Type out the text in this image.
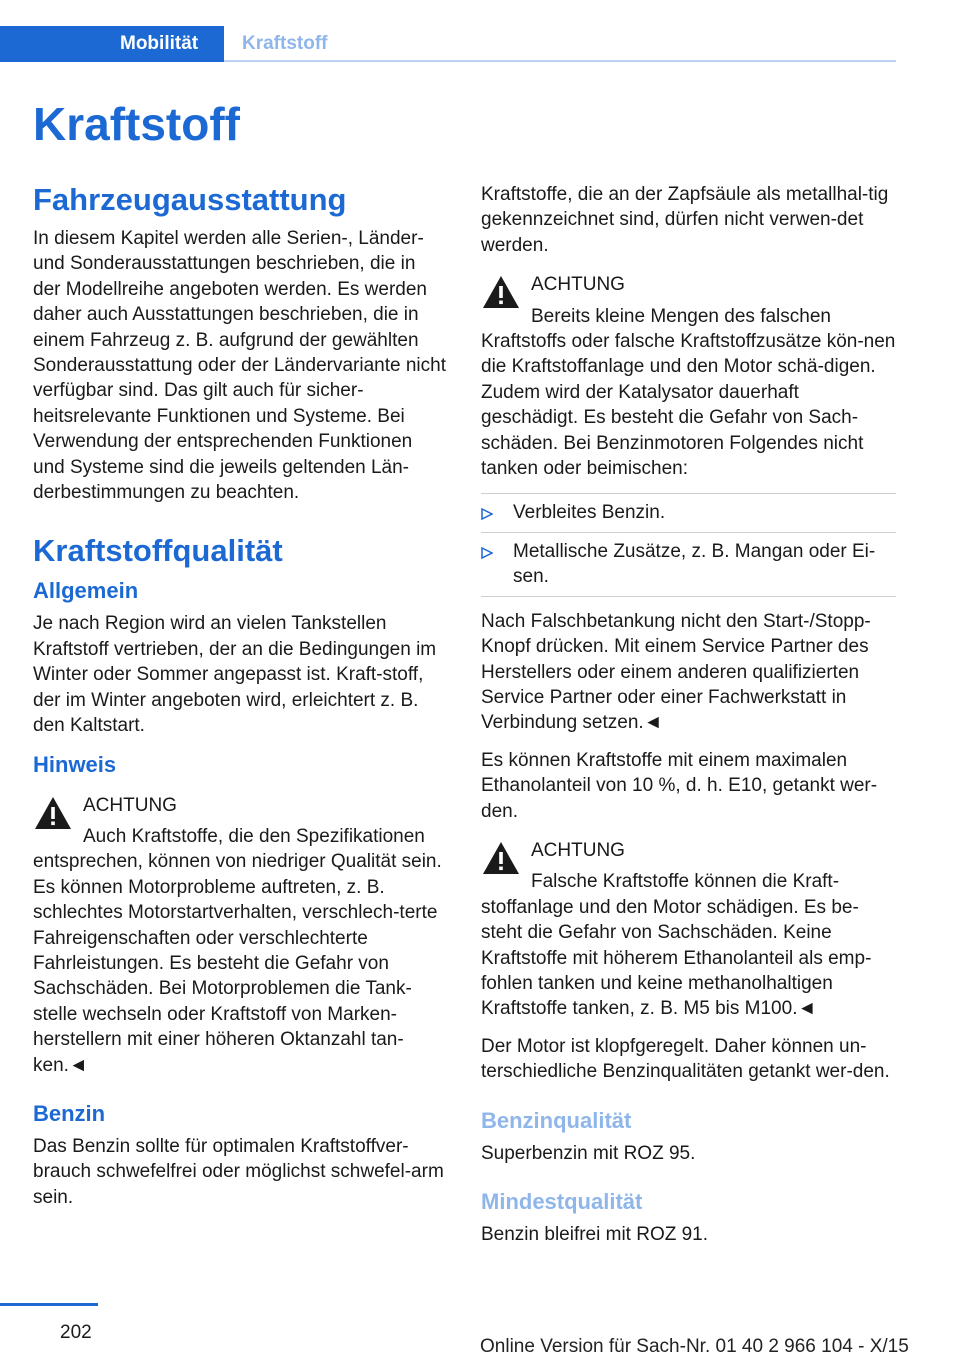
Mobilität	Kraftstoff
Kraftstoff
Fahrzeugausstattung

In diesem Kapitel werden alle Serien-, Länder- und Sonderausstattungen beschrieben, die in der Modellreihe angeboten werden. Es werden daher auch Ausstattungen beschrieben, die in einem Fahrzeug z. B. aufgrund der gewählten Sonderausstattung oder der Ländervariante nicht verfügbar sind. Das gilt auch für sicher-heitsrelevante Funktionen und Systeme. Bei Verwendung der entsprechenden Funktionen und Systeme sind die jeweils geltenden Län-derbestimmungen zu beachten.

Kraftstoffqualität
Allgemein

Je nach Region wird an vielen Tankstellen Kraftstoff vertrieben, der an die Bedingungen im Winter oder Sommer angepasst ist. Kraft-stoff, der im Winter angeboten wird, erleichtert z. B. den Kaltstart.

Hinweis
ACHTUNG

Auch Kraftstoffe, die den Spezifikationen entsprechen, können von niedriger Qualität sein. Es können Motorprobleme auftreten, z. B. schlechtes Motorstartverhalten, verschlech-terte Fahreigenschaften oder verschlechterte Fahrleistungen. Es besteht die Gefahr von Sachschäden. Bei Motorproblemen die Tank-stelle wechseln oder Kraftstoff von Marken-herstellern mit einer höheren Oktanzahl tan-ken.◄

Benzin

Das Benzin sollte für optimalen Kraftstoffver-brauch schwefelfrei oder möglichst schwefel-arm sein.

Kraftstoffe, die an der Zapfsäule als metallhal-tig gekennzeichnet sind, dürfen nicht verwen-det werden.

ACHTUNG

Bereits kleine Mengen des falschen Kraftstoffs oder falsche Kraftstoffzusätze kön-nen die Kraftstoffanlage und den Motor schä-digen. Zudem wird der Katalysator dauerhaft geschädigt. Es besteht die Gefahr von Sach-schäden. Bei Benzinmotoren Folgendes nicht tanken oder beimischen:

Verbleites Benzin.
Metallische Zusätze, z. B. Mangan oder Ei-sen.

Nach Falschbetankung nicht den Start-/Stopp-Knopf drücken. Mit einem Service Partner des Herstellers oder einem anderen qualifizierten Service Partner oder einer Fachwerkstatt in Verbindung setzen.◄

Es können Kraftstoffe mit einem maximalen Ethanolanteil von 10 %, d. h. E10, getankt wer-den.

ACHTUNG

Falsche Kraftstoffe können die Kraft-stoffanlage und den Motor schädigen. Es be-steht die Gefahr von Sachschäden. Keine Kraftstoffe mit höherem Ethanolanteil als emp-fohlen tanken und keine methanolhaltigen Kraftstoffe tanken, z. B. M5 bis M100.◄

Der Motor ist klopfgeregelt. Daher können un-terschiedliche Benzinqualitäten getankt wer-den.

Benzinqualität

Superbenzin mit ROZ 95.

Mindestqualität

Benzin bleifrei mit ROZ 91.

202
Online Version für Sach-Nr. 01 40 2 966 104 - X/15
